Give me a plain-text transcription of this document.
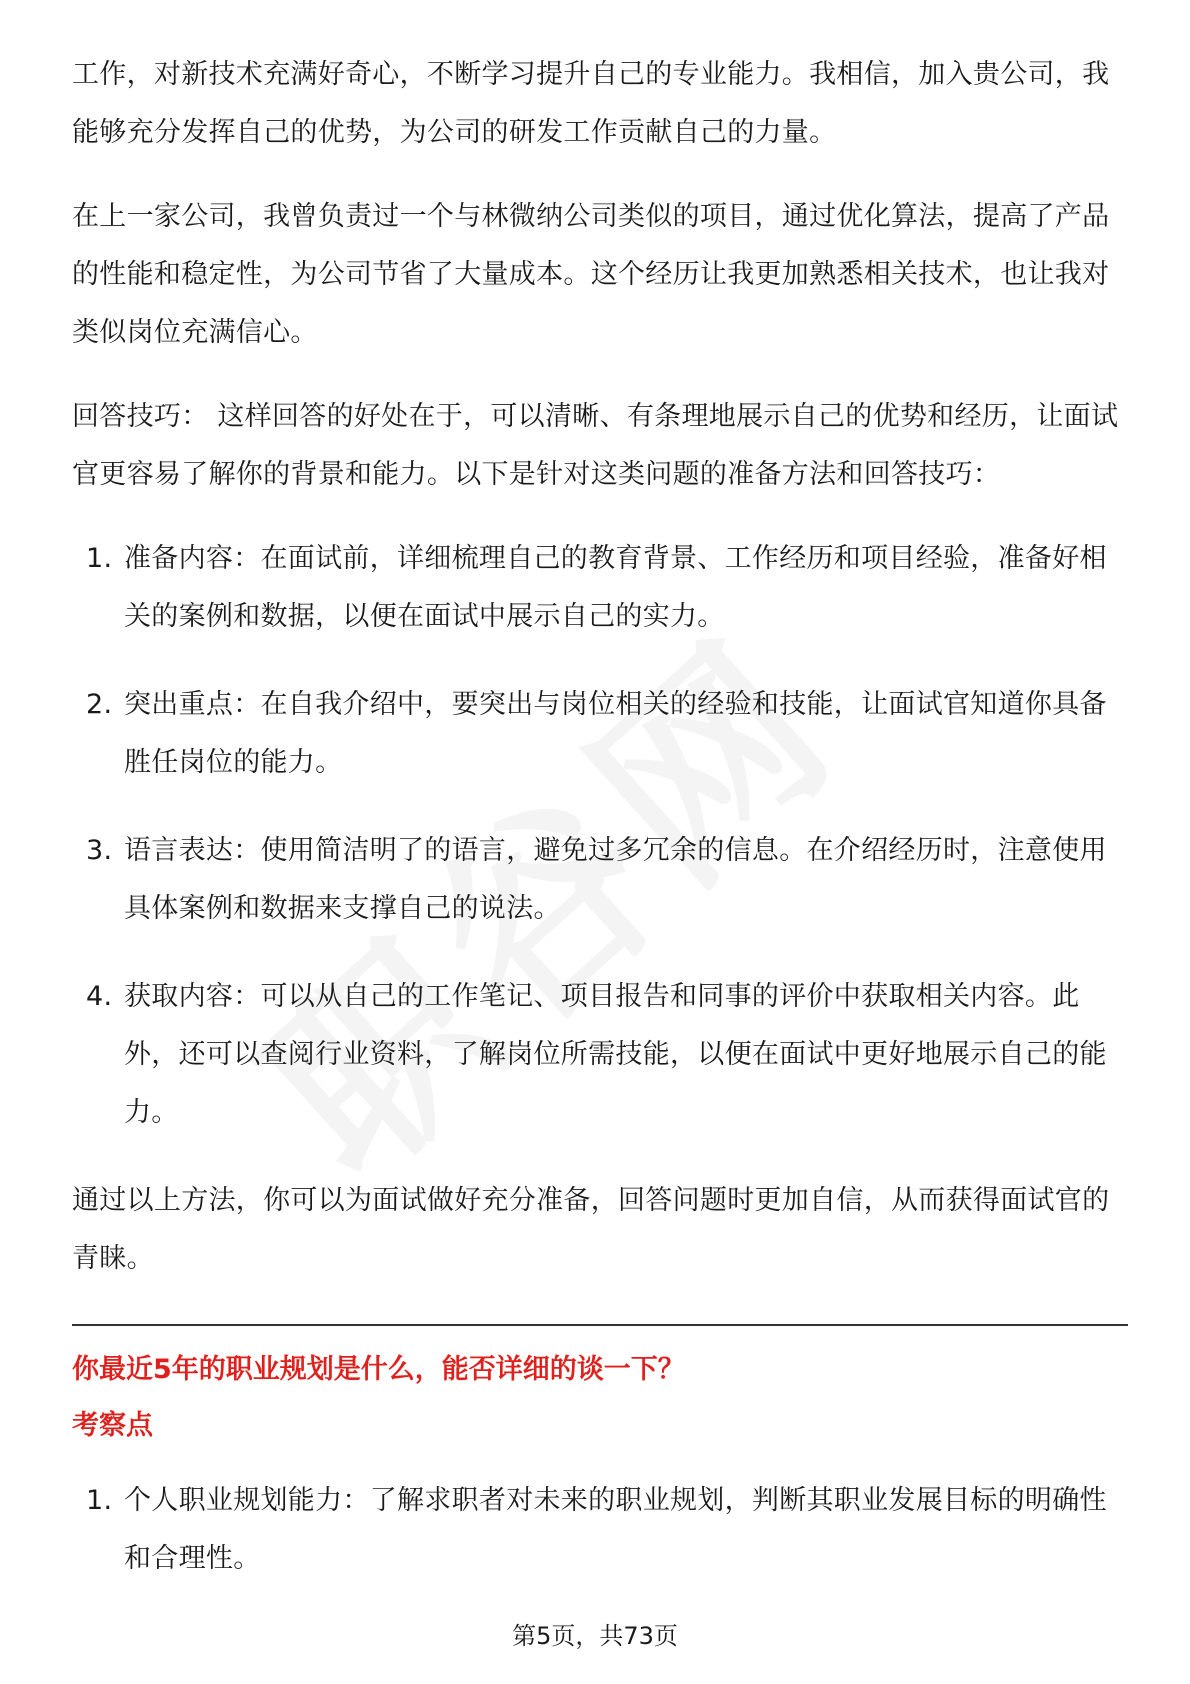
工作，对新技术充满好奇心，不断学习提升自己的专业能力。我相信，加入贵公司，我能够充分发挥自己的优势，为公司的研发工作贡献自己的力量。

在上一家公司，我曾负责过一个与林微纳公司类似的项目，通过优化算法，提高了产品的性能和稳定性，为公司节省了大量成本。这个经历让我更加熟悉相关技术，也让我对类似岗位充满信心。

回答技巧： 这样回答的好处在于，可以清晰、有条理地展示自己的优势和经历，让面试官更容易了解你的背景和能力。以下是针对这类问题的准备方法和回答技巧：

1. 准备内容：在面试前，详细梳理自己的教育背景、工作经历和项目经验，准备好相关的案例和数据，以便在面试中展示自己的实力。
2. 突出重点：在自我介绍中，要突出与岗位相关的经验和技能，让面试官知道你具备胜任岗位的能力。
3. 语言表达：使用简洁明了的语言，避免过多冗余的信息。在介绍经历时，注意使用具体案例和数据来支撑自己的说法。
4. 获取内容：可以从自己的工作笔记、项目报告和同事的评价中获取相关内容。此外，还可以查阅行业资料，了解岗位所需技能，以便在面试中更好地展示自己的能力。

通过以上方法，你可以为面试做好充分准备，回答问题时更加自信，从而获得面试官的青睐。

你最近5年的职业规划是什么，能否详细的谈一下？

考察点

1. 个人职业规划能力：了解求职者对未来的职业规划，判断其职业发展目标的明确性和合理性。
第5页，共73页
